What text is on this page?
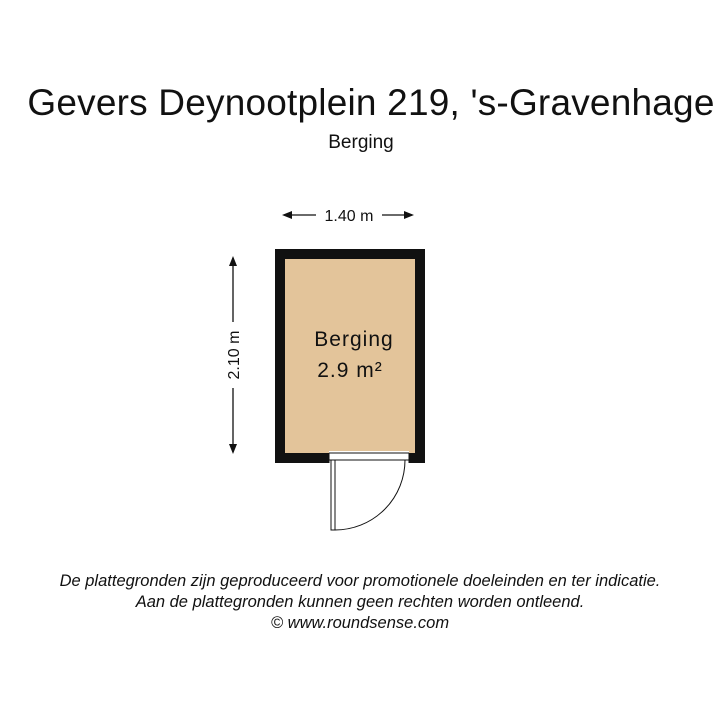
Gevers Deynootplein 219, 's-Gravenhage
Berging
1.40 m
2.10 m	Berging
2.9 m²
De plattegronden zijn geproduceerd voor promotionele doeleinden en ter indicatie.
Aan de plattegronden kunnen geen rechten worden ontleend.
© www.roundsense.com
